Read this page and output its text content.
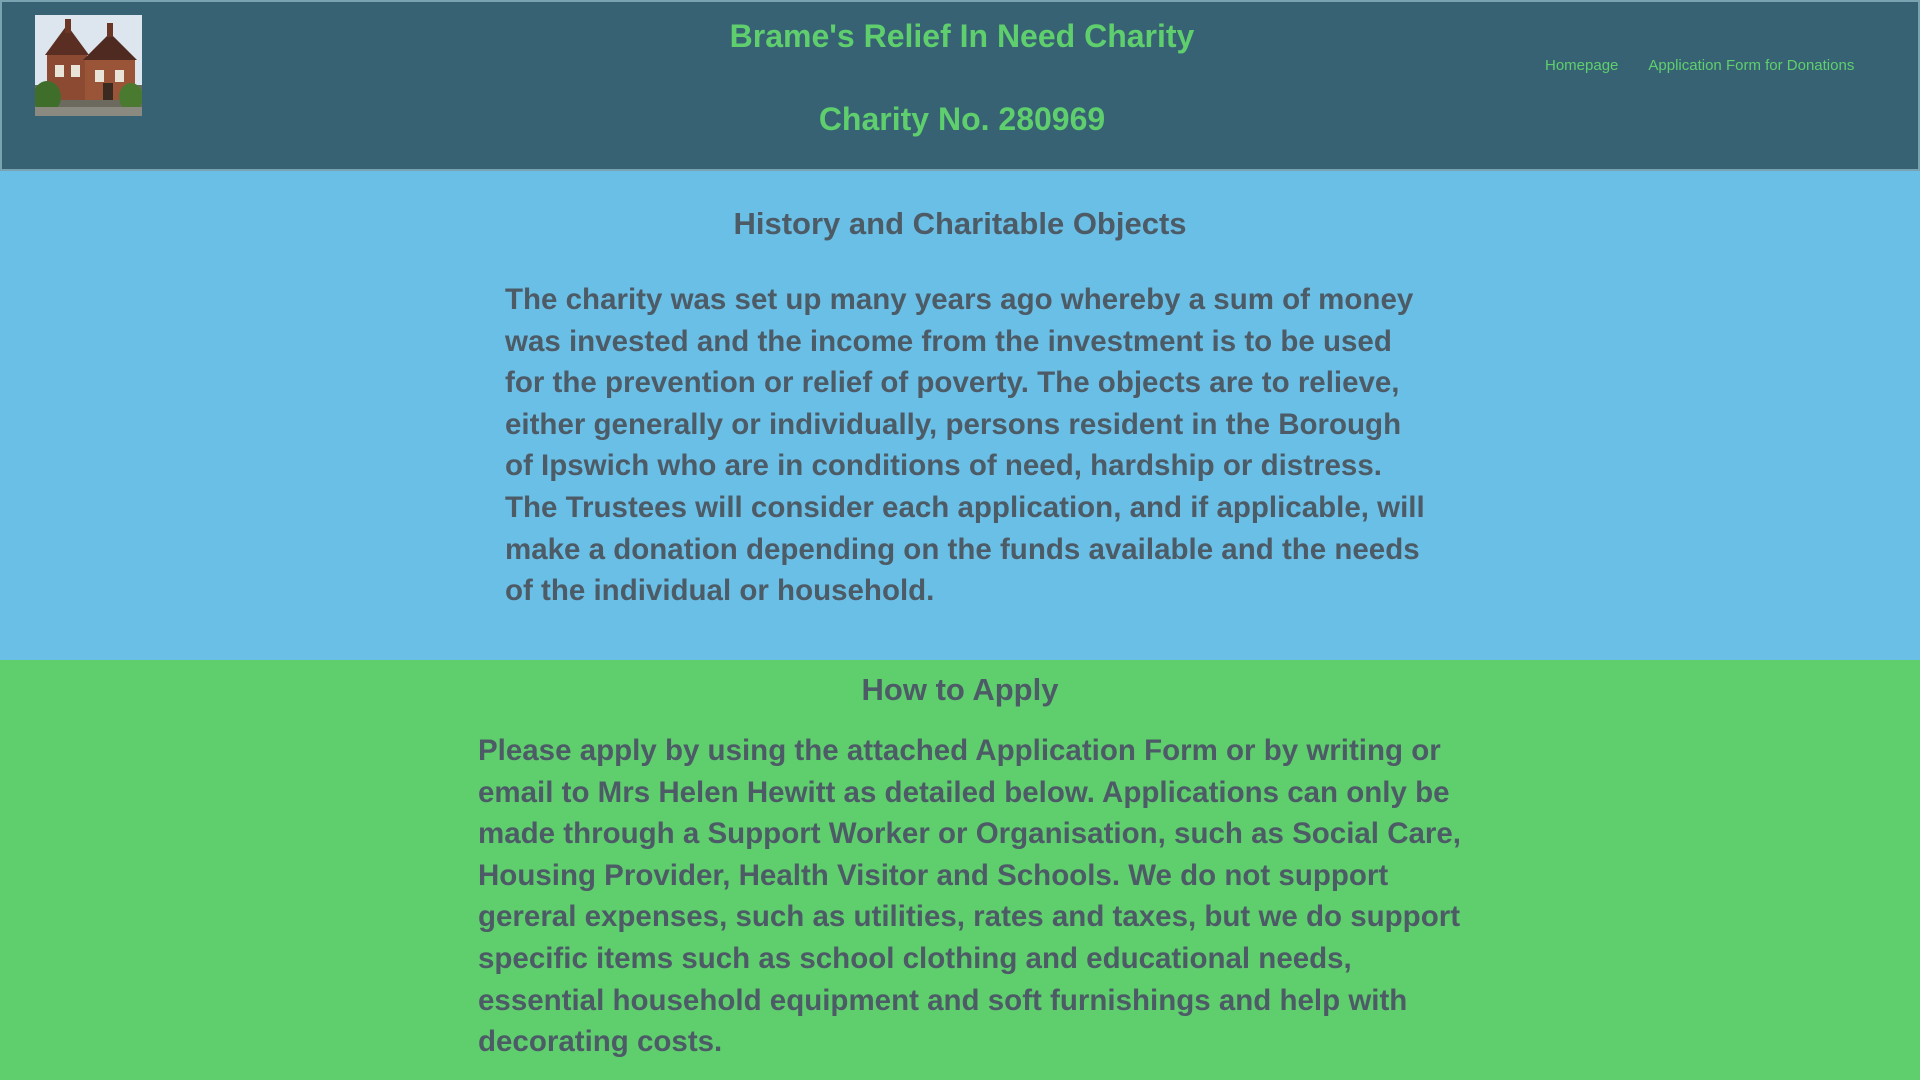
Brame's Relief In Need Charity
Charity No. 280969
Homepage Application Form for Donations
History and Charitable Objects

The charity was set up many years ago whereby a sum of money was invested and the income from the investment is to be used for the prevention or relief of poverty. The objects are to relieve, either generally or individually, persons resident in the Borough of Ipswich who are in conditions of need, hardship or distress. The Trustees will consider each application, and if applicable, will make a donation depending on the funds available and the needs of the individual or household.

How to Apply

Please apply by using the attached Application Form or by writing or email to Mrs Helen Hewitt as detailed below. Applications can only be made through a Support Worker or Organisation, such as Social Care, Housing Provider, Health Visitor and Schools. We do not support gereral expenses, such as utilities, rates and taxes, but we do support specific items such as school clothing and educational needs, essential household equipment and soft furnishings and help with decorating costs.
